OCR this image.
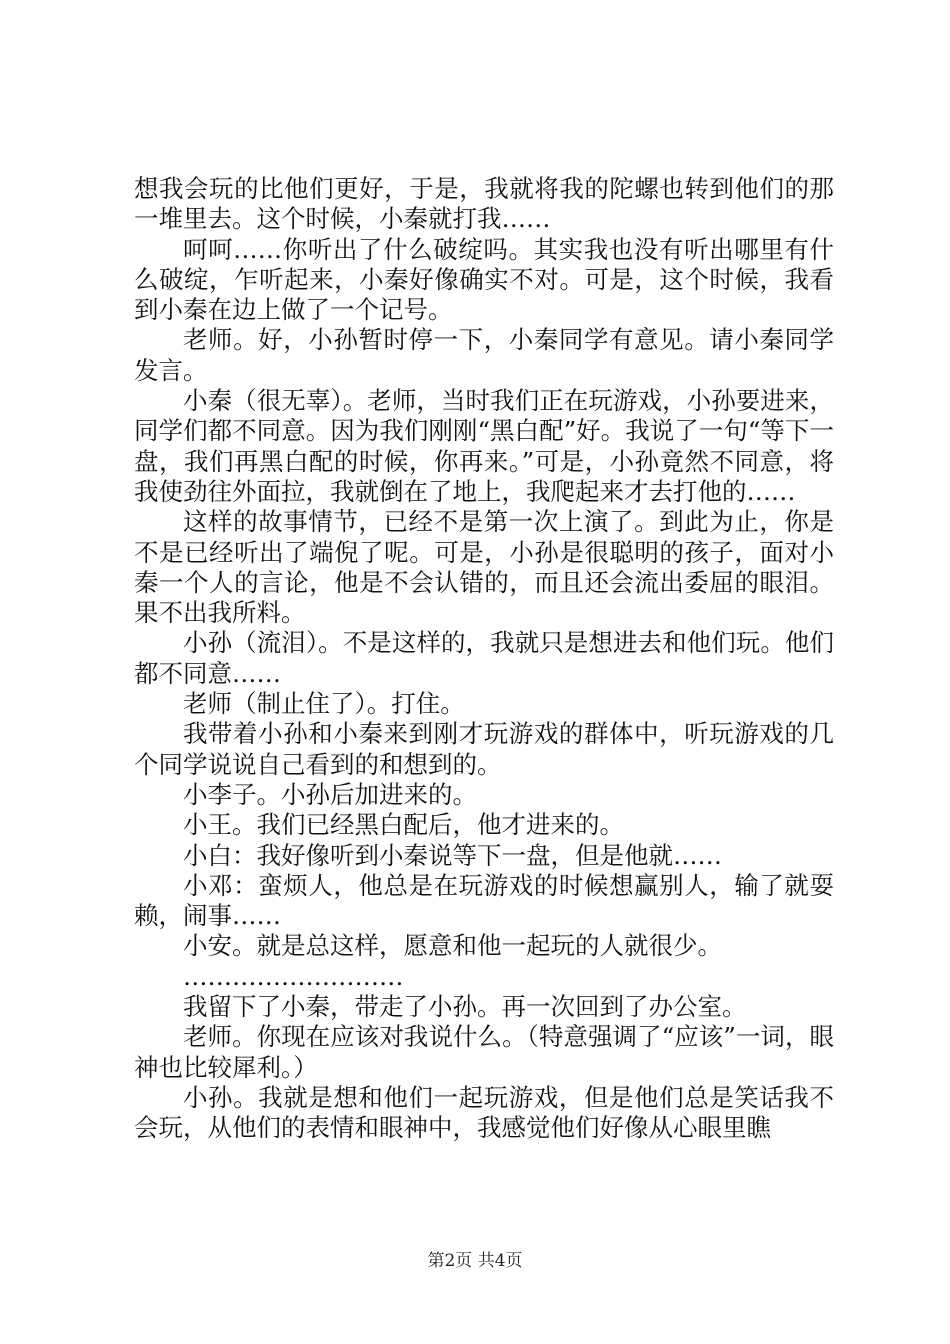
想我会玩的比他们更好，于是，我就将我的陀螺也转到他们的那一堆里去。这个时候，小秦就打我……

呵呵……你听出了什么破绽吗。其实我也没有听出哪里有什么破绽，乍听起来，小秦好像确实不对。可是，这个时候，我看到小秦在边上做了一个记号。

老师。好，小孙暂时停一下，小秦同学有意见。请小秦同学发言。

小秦（很无辜）。老师，当时我们正在玩游戏，小孙要进来，同学们都不同意。因为我们刚刚“黑白配”好。我说了一句“等下一盘，我们再黑白配的时候，你再来。”可是，小孙竟然不同意，将我使劲往外面拉，我就倒在了地上，我爬起来才去打他的……

这样的故事情节，已经不是第一次上演了。到此为止，你是不是已经听出了端倪了呢。可是，小孙是很聪明的孩子，面对小秦一个人的言论，他是不会认错的，而且还会流出委屈的眼泪。果不出我所料。

小孙（流泪）。不是这样的，我就只是想进去和他们玩。他们都不同意……

老师（制止住了）。打住。

我带着小孙和小秦来到刚才玩游戏的群体中，听玩游戏的几个同学说说自己看到的和想到的。

小李子。小孙后加进来的。

小王。我们已经黑白配后，他才进来的。

小白：我好像听到小秦说等下一盘，但是他就……

小邓：蛮烦人，他总是在玩游戏的时候想赢别人，输了就耍赖，闹事……

小安。就是总这样，愿意和他一起玩的人就很少。

………………………

我留下了小秦，带走了小孙。再一次回到了办公室。

老师。你现在应该对我说什么。（特意强调了“应该”一词，眼神也比较犀利。）

小孙。我就是想和他们一起玩游戏，但是他们总是笑话我不会玩，从他们的表情和眼神中，我感觉他们好像从心眼里瞧

第2页 共4页
